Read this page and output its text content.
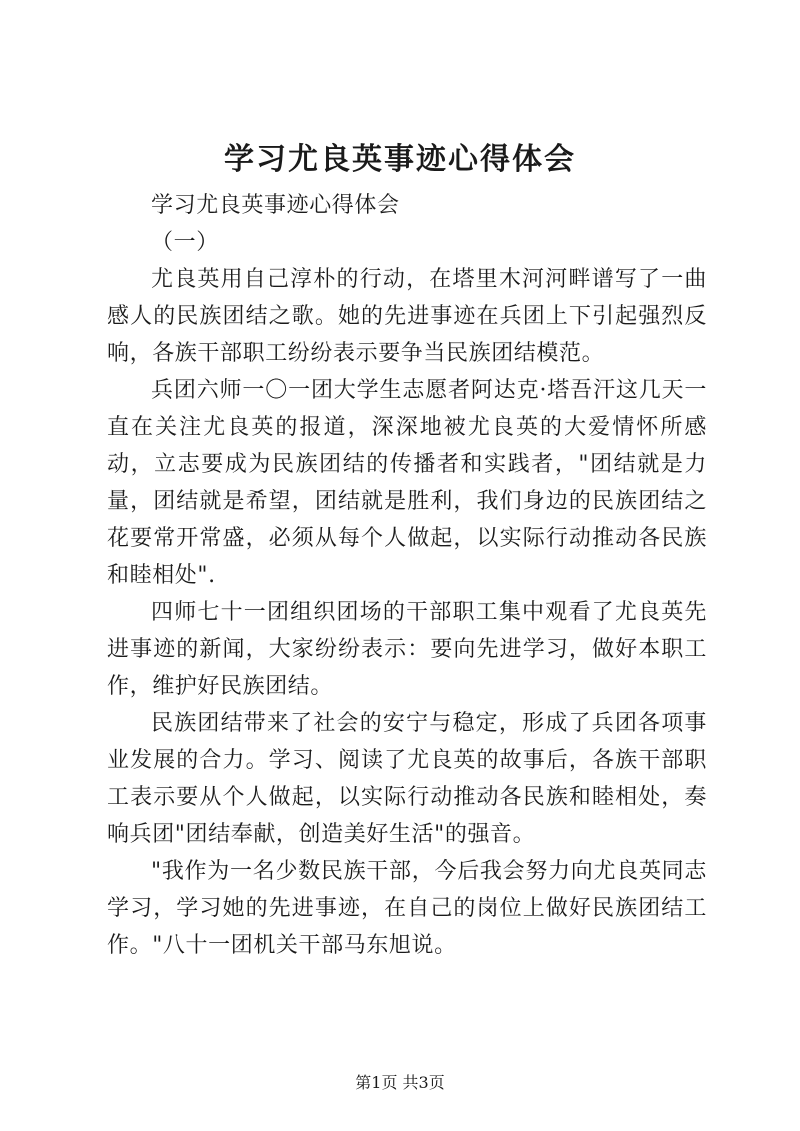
学习尤良英事迹心得体会

学习尤良英事迹心得体会

（一）

尤良英用自己淳朴的行动，在塔里木河河畔谱写了一曲感人的民族团结之歌。她的先进事迹在兵团上下引起强烈反响，各族干部职工纷纷表示要争当民族团结模范。

兵团六师一〇一团大学生志愿者阿达克·塔吾汗这几天一直在关注尤良英的报道，深深地被尤良英的大爱情怀所感动，立志要成为民族团结的传播者和实践者，"团结就是力量，团结就是希望，团结就是胜利，我们身边的民族团结之花要常开常盛，必须从每个人做起，以实际行动推动各民族和睦相处".

四师七十一团组织团场的干部职工集中观看了尤良英先进事迹的新闻，大家纷纷表示：要向先进学习，做好本职工作，维护好民族团结。

民族团结带来了社会的安宁与稳定，形成了兵团各项事业发展的合力。学习、阅读了尤良英的故事后，各族干部职工表示要从个人做起，以实际行动推动各民族和睦相处，奏响兵团"团结奉献，创造美好生活"的强音。

"我作为一名少数民族干部，今后我会努力向尤良英同志学习，学习她的先进事迹，在自己的岗位上做好民族团结工作。"八十一团机关干部马东旭说。

第1页 共3页
